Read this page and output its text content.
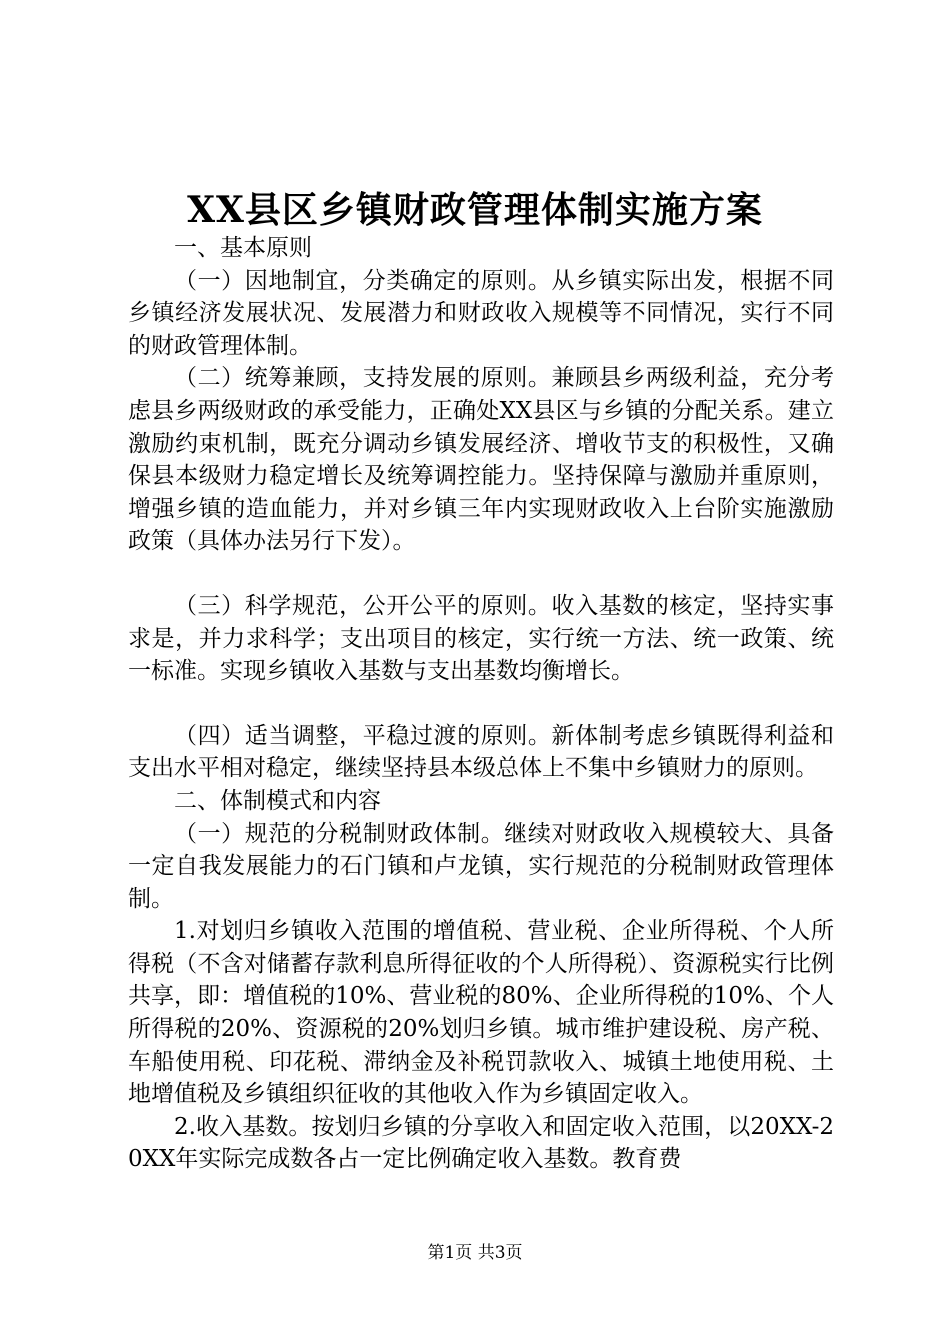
XX县区乡镇财政管理体制实施方案

一、基本原则

（一）因地制宜，分类确定的原则。从乡镇实际出发，根据不同乡镇经济发展状况、发展潜力和财政收入规模等不同情况，实行不同的财政管理体制。

（二）统筹兼顾，支持发展的原则。兼顾县乡两级利益，充分考虑县乡两级财政的承受能力，正确处XX县区与乡镇的分配关系。建立激励约束机制，既充分调动乡镇发展经济、增收节支的积极性，又确保县本级财力稳定增长及统筹调控能力。坚持保障与激励并重原则，增强乡镇的造血能力，并对乡镇三年内实现财政收入上台阶实施激励政策（具体办法另行下发）。

（三）科学规范，公开公平的原则。收入基数的核定，坚持实事求是，并力求科学；支出项目的核定，实行统一方法、统一政策、统一标准。实现乡镇收入基数与支出基数均衡增长。

（四）适当调整，平稳过渡的原则。新体制考虑乡镇既得利益和支出水平相对稳定，继续坚持县本级总体上不集中乡镇财力的原则。

二、体制模式和内容

（一）规范的分税制财政体制。继续对财政收入规模较大、具备一定自我发展能力的石门镇和卢龙镇，实行规范的分税制财政管理体制。

1.对划归乡镇收入范围的增值税、营业税、企业所得税、个人所得税（不含对储蓄存款利息所得征收的个人所得税）、资源税实行比例共享，即：增值税的10%、营业税的80%、企业所得税的10%、个人所得税的20%、资源税的20%划归乡镇。城市维护建设税、房产税、车船使用税、印花税、滞纳金及补税罚款收入、城镇土地使用税、土地增值税及乡镇组织征收的其他收入作为乡镇固定收入。

2.收入基数。按划归乡镇的分享收入和固定收入范围，以20XX-20XX年实际完成数各占一定比例确定收入基数。教育费

第1页 共3页
